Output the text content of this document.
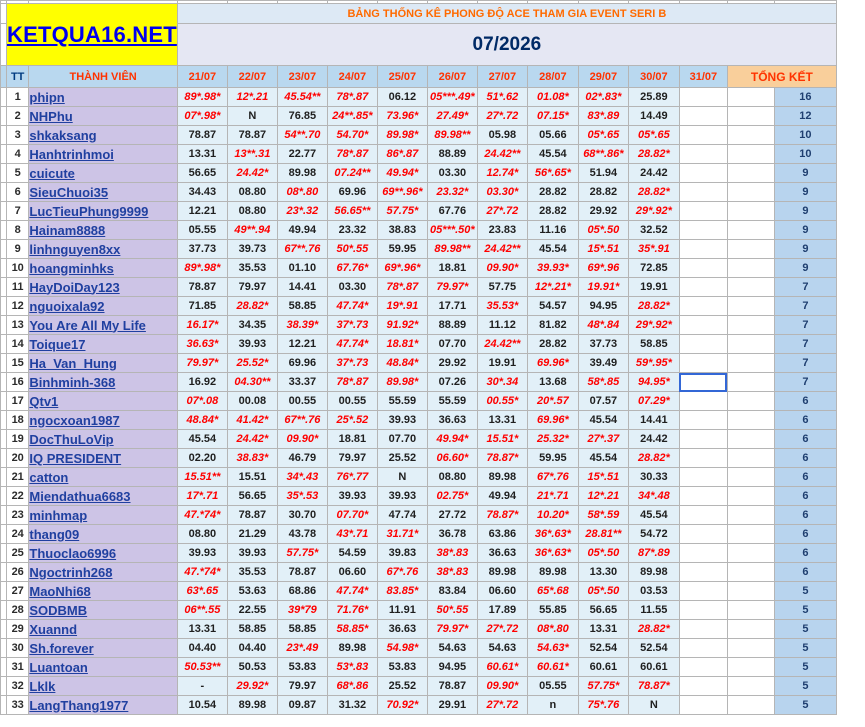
	KETQUA16.NET		BẢNG THỐNG KÊ PHONG ĐỘ ACE THAM GIA EVENT SERI B												
			07/2026												
	TT	THÀNH VIÊN	21/07	22/07	23/07	24/07	25/07	26/07	27/07	28/07	29/07	30/07	31/07	TỔNG KẾT	
	1	phipn	89*.98*	12*.21	45.54**	78*.87	06.12	05***.49*	51*.62	01.08*	02*.83*	25.89			16
	2	NHPhu	07*.98*	N	76.85	24**.85*	73.96*	27.49*	27*.72	07.15*	83*.89	14.49			12
	3	shkaksang	78.87	78.87	54**.70	54.70*	89.98*	89.98**	05.98	05.66	05*.65	05*.65			10
	4	Hanhtrinhmoi	13.31	13**.31	22.77	78*.87	86*.87	88.89	24.42**	45.54	68**.86*	28.82*			10
	5	cuicute	56.65	24.42*	89.98	07.24**	49.94*	03.30	12.74*	56*.65*	51.94	24.42			9
	6	SieuChuoi35	34.43	08.80	08*.80	69.96	69**.96*	23.32*	03.30*	28.82	28.82	28.82*			9
	7	LucTieuPhung9999	12.21	08.80	23*.32	56.65**	57.75*	67.76	27*.72	28.82	29.92	29*.92*			9
	8	Hainam8888	05.55	49**.94	49.94	23.32	38.83	05***.50*	23.83	11.16	05*.50	32.52			9
	9	linhnguyen8xx	37.73	39.73	67**.76	50*.55	59.95	89.98**	24.42**	45.54	15*.51	35*.91			9
	10	hoangminhks	89*.98*	35.53	01.10	67.76*	69*.96*	18.81	09.90*	39.93*	69*.96	72.85			9
	11	HayDoiDay123	78.87	79.97	14.41	03.30	78*.87	79.97*	57.75	12*.21*	19.91*	19.91			7
	12	nguoixala92	71.85	28.82*	58.85	47.74*	19*.91	17.71	35.53*	54.57	94.95	28.82*			7
	13	You Are All My Life	16.17*	34.35	38.39*	37*.73	91.92*	88.89	11.12	81.82	48*.84	29*.92*			7
	14	Toique17	36.63*	39.93	12.21	47.74*	18.81*	07.70	24.42**	28.82	37.73	58.85			7
	15	Ha_Van_Hung	79.97*	25.52*	69.96	37*.73	48.84*	29.92	19.91	69.96*	39.49	59*.95*			7
	16	Binhminh-368	16.92	04.30**	33.37	78*.87	89.98*	07.26	30*.34	13.68	58*.85	94.95*			7
	17	Qtv1	07*.08	00.08	00.55	00.55	55.59	55.59	00.55*	20*.57	07.57	07.29*			6
	18	ngocxoan1987	48.84*	41.42*	67**.76	25*.52	39.93	36.63	13.31	69.96*	45.54	14.41			6
	19	DocThuLoVip	45.54	24.42*	09.90*	18.81	07.70	49.94*	15.51*	25.32*	27*.37	24.42			6
	20	IQ PRESIDENT	02.20	38.83*	46.79	79.97	25.52	06.60*	78.87*	59.95	45.54	28.82*			6
	21	catton	15.51**	15.51	34*.43	76*.77	N	08.80	89.98	67*.76	15*.51	30.33			6
	22	Miendathua6683	17*.71	56.65	35*.53	39.93	39.93	02.75*	49.94	21*.71	12*.21	34*.48			6
	23	minhmap	47.*74*	78.87	30.70	07.70*	47.74	27.72	78.87*	10.20*	58*.59	45.54			6
	24	thang09	08.80	21.29	43.78	43*.71	31.71*	36.78	63.86	36*.63*	28.81**	54.72			6
	25	Thuoclao6996	39.93	39.93	57.75*	54.59	39.83	38*.83	36.63	36*.63*	05*.50	87*.89			6
	26	Ngoctrinh268	47.*74*	35.53	78.87	06.60	67*.76	38*.83	89.98	89.98	13.30	89.98			6
	27	MaoNhi68	63*.65	53.63	68.86	47.74*	83.85*	83.84	06.60	65*.68	05*.50	03.53			5
	28	SODBMB	06**.55	22.55	39*79	71.76*	11.91	50*.55	17.89	55.85	56.65	11.55			5
	29	Xuannd	13.31	58.85	58.85	58.85*	36.63	79.97*	27*.72	08*.80	13.31	28.82*			5
	30	Sh.forever	04.40	04.40	23*.49	89.98	54.98*	54.63	54.63	54.63*	52.54	52.54			5
	31	Luantoan	50.53**	50.53	53.83	53*.83	53.83	94.95	60.61*	60.61*	60.61	60.61			5
	32	Lklk	-	29.92*	79.97	68*.86	25.52	78.87	09.90*	05.55	57.75*	78.87*			5
	33	LangThang1977	10.54	89.98	09.87	31.32	70.92*	29.91	27*.72	n	75*.76	N			5
